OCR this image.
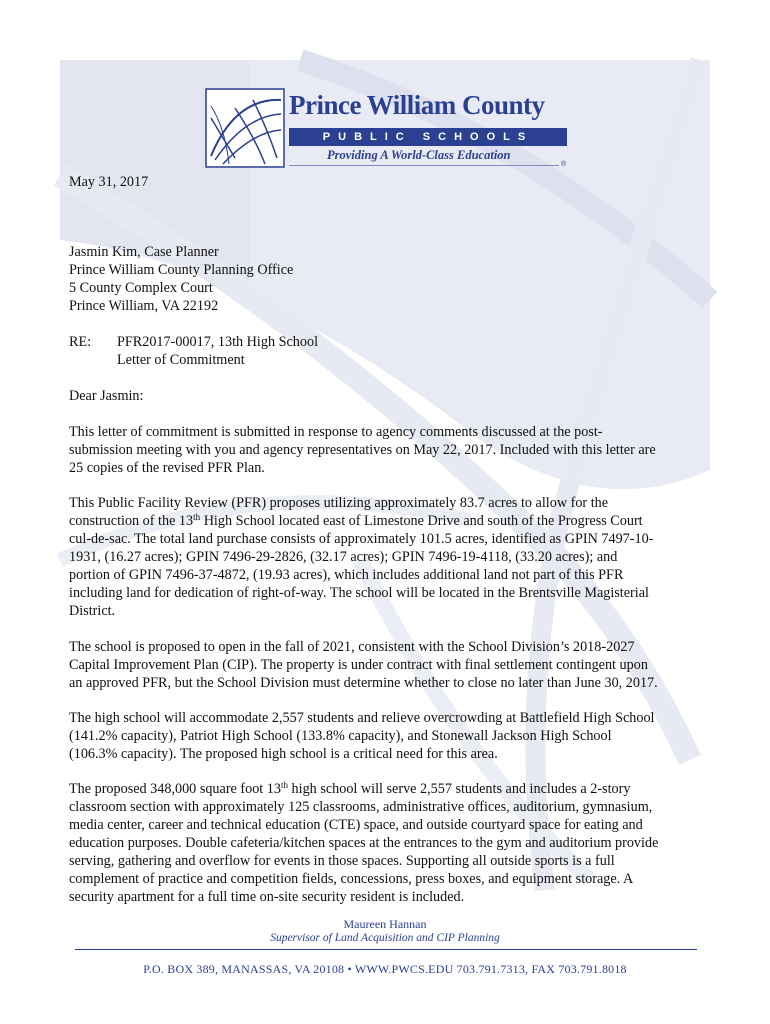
Prince William County
PUBLIC SCHOOLS
Providing A World-Class Education
®
May 31, 2017
Jasmin Kim, Case Planner
Prince William County Planning Office
5 County Complex Court
Prince William, VA 22192
RE: PFR2017-00017, 13th High School
Letter of Commitment
Dear Jasmin:
This letter of commitment is submitted in response to agency comments discussed at the post-
submission meeting with you and agency representatives on May 22, 2017. Included with this letter are
25 copies of the revised PFR Plan.
This Public Facility Review (PFR) proposes utilizing approximately 83.7 acres to allow for the
construction of the 13th High School located east of Limestone Drive and south of the Progress Court
cul-de-sac. The total land purchase consists of approximately 101.5 acres, identified as GPIN 7497-10-
1931, (16.27 acres); GPIN 7496-29-2826, (32.17 acres); GPIN 7496-19-4118, (33.20 acres); and
portion of GPIN 7496-37-4872, (19.93 acres), which includes additional land not part of this PFR
including land for dedication of right-of-way. The school will be located in the Brentsville Magisterial
District.
The school is proposed to open in the fall of 2021, consistent with the School Division’s 2018-2027
Capital Improvement Plan (CIP). The property is under contract with final settlement contingent upon
an approved PFR, but the School Division must determine whether to close no later than June 30, 2017.
The high school will accommodate 2,557 students and relieve overcrowding at Battlefield High School
(141.2% capacity), Patriot High School (133.8% capacity), and Stonewall Jackson High School
(106.3% capacity). The proposed high school is a critical need for this area.
The proposed 348,000 square foot 13th high school will serve 2,557 students and includes a 2-story
classroom section with approximately 125 classrooms, administrative offices, auditorium, gymnasium,
media center, career and technical education (CTE) space, and outside courtyard space for eating and
education purposes. Double cafeteria/kitchen spaces at the entrances to the gym and auditorium provide
serving, gathering and overflow for events in those spaces. Supporting all outside sports is a full
complement of practice and competition fields, concessions, press boxes, and equipment storage. A
security apartment for a full time on-site security resident is included.
Maureen Hannan
Supervisor of Land Acquisition and CIP Planning
P.O. BOX 389, MANASSAS, VA 20108 • WWW.PWCS.EDU 703.791.7313, FAX 703.791.8018
